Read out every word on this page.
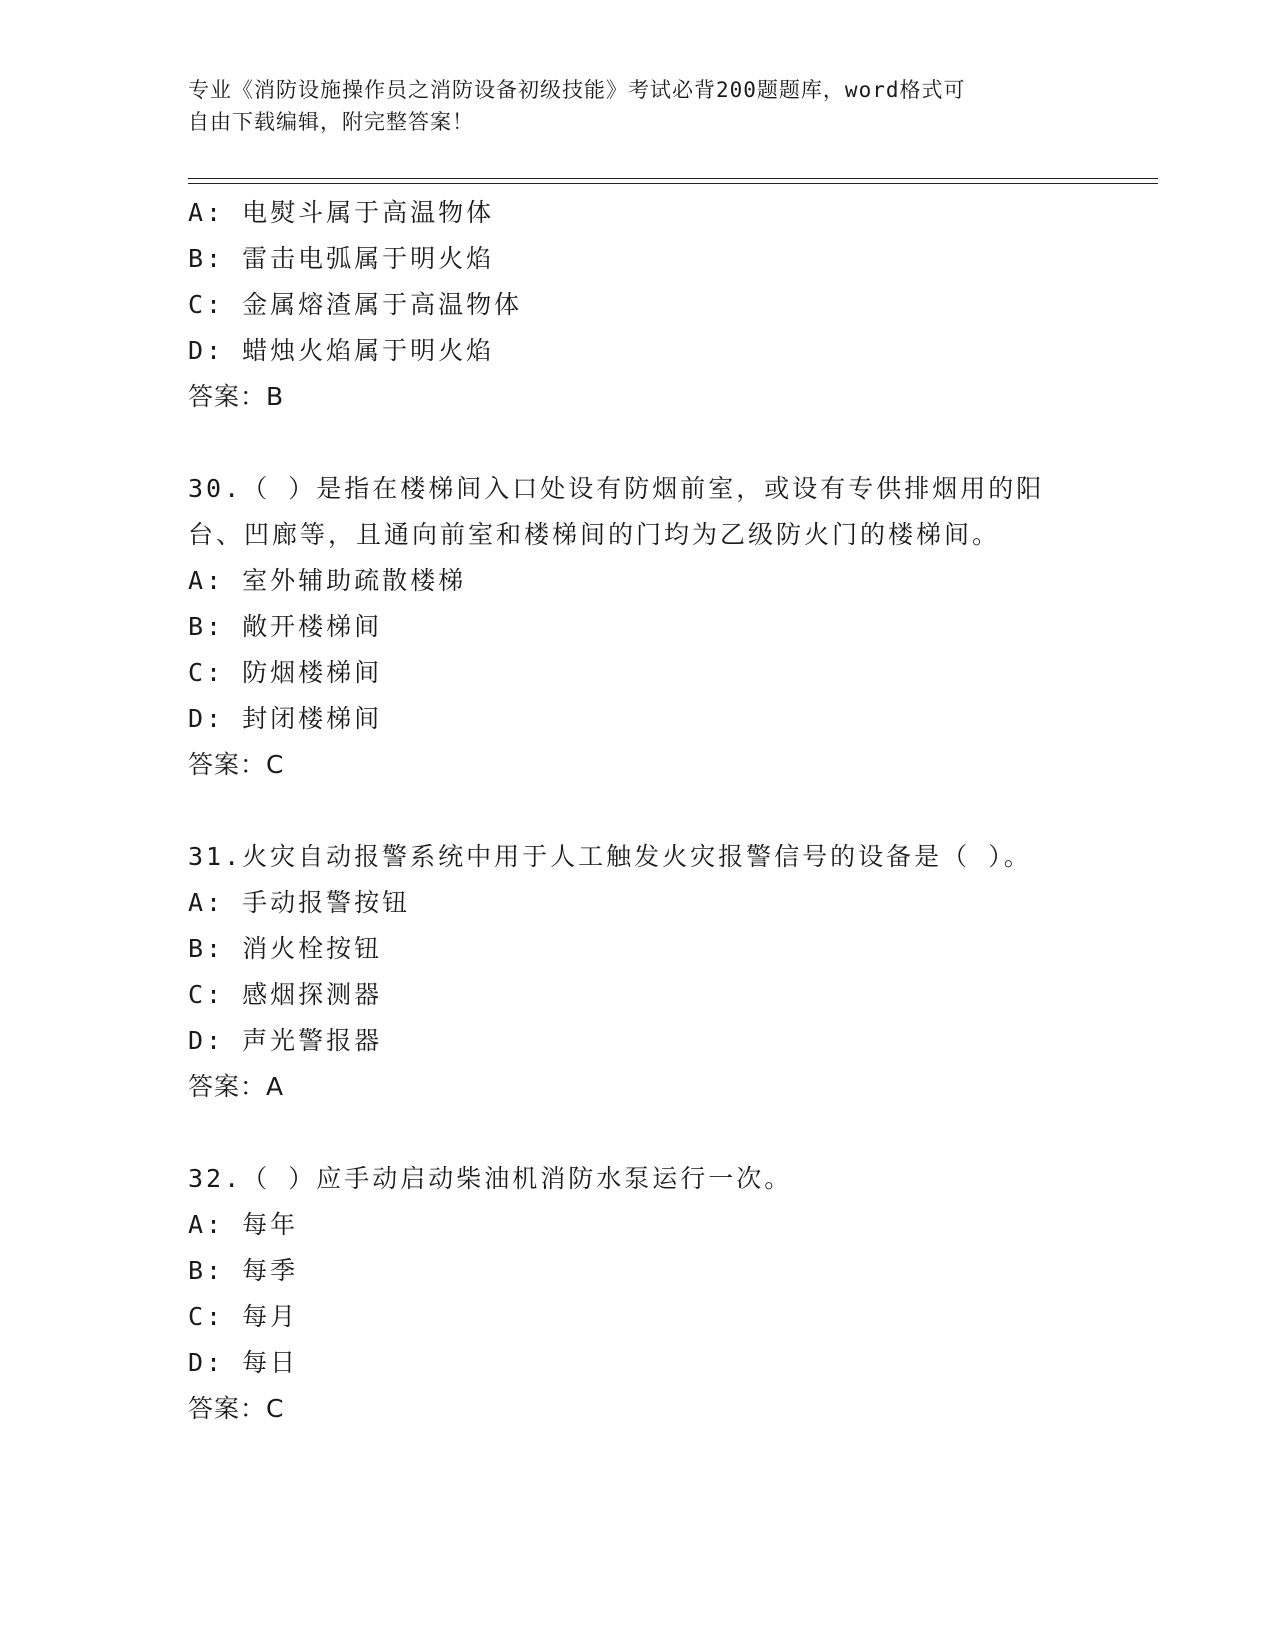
专业《消防设施操作员之消防设备初级技能》考试必背200题题库，word格式可
自由下载编辑，附完整答案！
A: 电熨斗属于高温物体
B: 雷击电弧属于明火焰
C: 金属熔渣属于高温物体
D: 蜡烛火焰属于明火焰
答案：B
30.（ ）是指在楼梯间入口处设有防烟前室，或设有专供排烟用的阳
台、凹廊等，且通向前室和楼梯间的门均为乙级防火门的楼梯间。
A: 室外辅助疏散楼梯
B: 敞开楼梯间
C: 防烟楼梯间
D: 封闭楼梯间
答案：C
31.火灾自动报警系统中用于人工触发火灾报警信号的设备是（ ）。
A: 手动报警按钮
B: 消火栓按钮
C: 感烟探测器
D: 声光警报器
答案：A
32.（ ）应手动启动柴油机消防水泵运行一次。
A: 每年
B: 每季
C: 每月
D: 每日
答案：C
